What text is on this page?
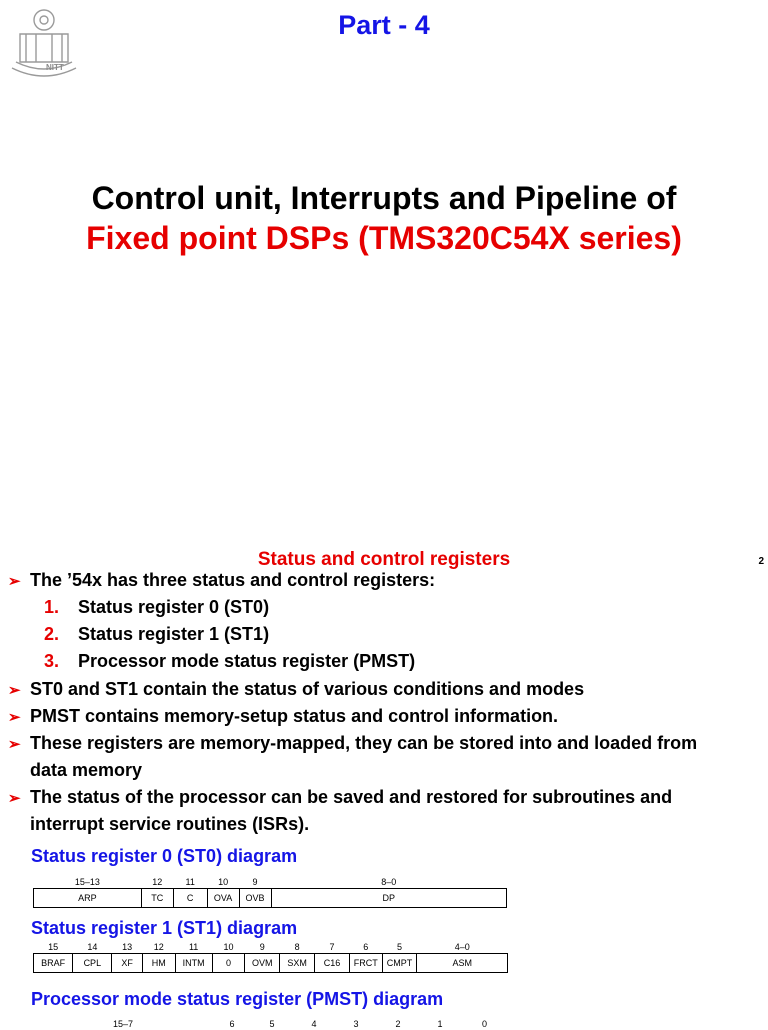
NITT
Part - 4
Control unit, Interrupts and Pipeline of
Fixed point DSPs (TMS320C54X series)
Status and control registers	2
➢ The ’54x has three status and control registers:
1. Status register 0 (ST0)
2. Status register 1 (ST1)
3. Processor mode status register (PMST)
➢ ST0 and ST1 contain the status of various conditions and modes
➢ PMST contains memory-setup status and control information.
➢ These registers are memory-mapped, they can be stored into and loaded from
data memory
➢ The status of the processor can be saved and restored for subroutines and
interrupt service routines (ISRs).
Status register 0 (ST0) diagram
15–13	12	11	10	9	8–0
ARP	TC	C	OVA	OVB	DP
Status register 1 (ST1) diagram
15	14	13	12	11	10	9	8	7	6	5	4–0
BRAF	CPL	XF	HM	INTM	0	OVM	SXM	C16	FRCT	CMPT	ASM
Processor mode status register (PMST) diagram
15–7	6	5	4	3	2	1	0
